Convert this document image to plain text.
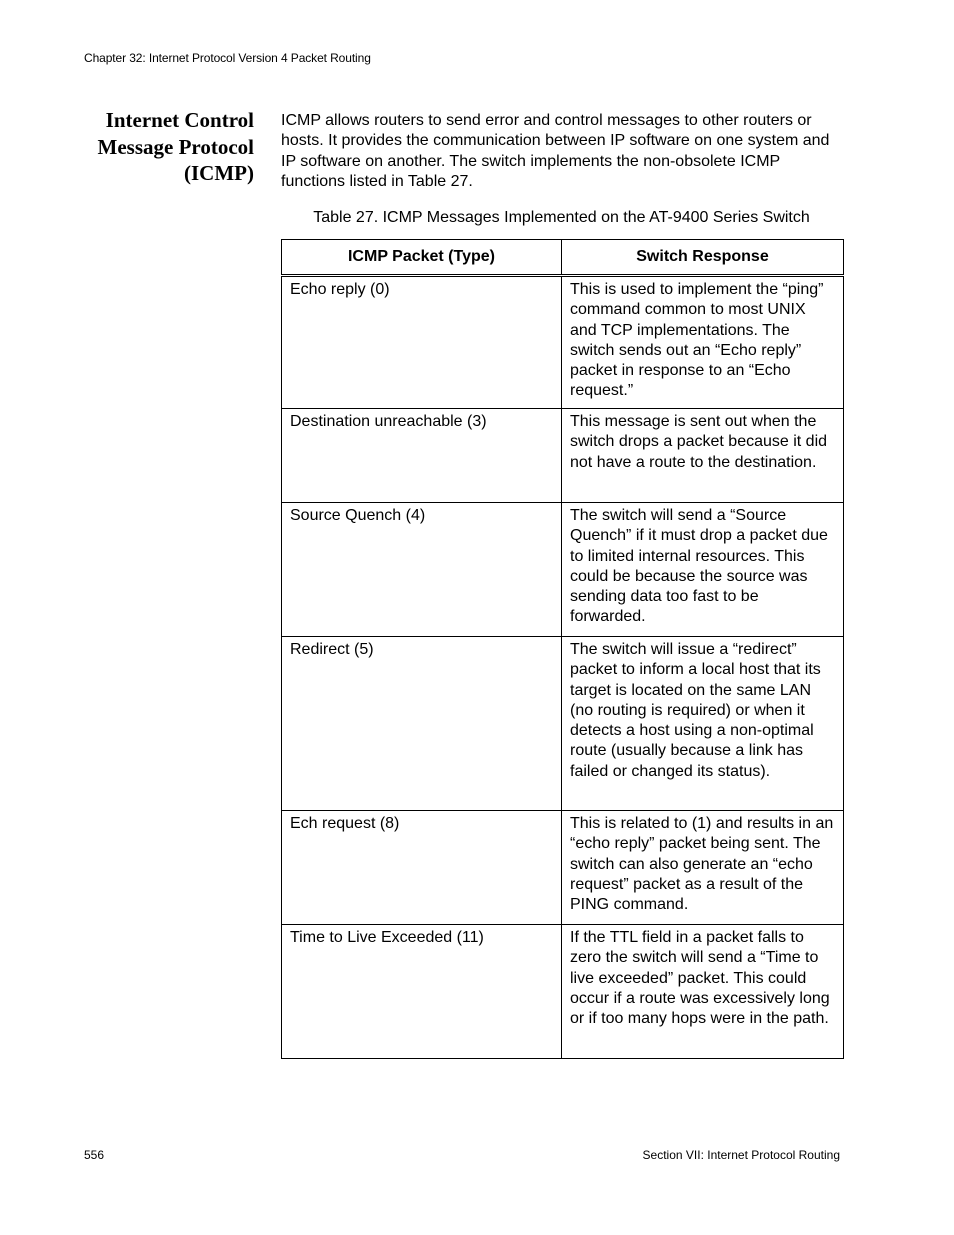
Chapter 32: Internet Protocol Version 4 Packet Routing
Internet Control
Message Protocol
(ICMP)
ICMP allows routers to send error and control messages to other routers or hosts. It provides the communication between IP software on one system and IP software on another. The switch implements the non-obsolete ICMP functions listed in Table 27.
Table 27. ICMP Messages Implemented on the AT-9400 Series Switch
ICMP Packet (Type)	Switch Response
Echo reply (0)	This is used to implement the “ping” command common to most UNIX and TCP implementations. The switch sends out an “Echo reply” packet in response to an “Echo request.”
Destination unreachable (3)	This message is sent out when the switch drops a packet because it did not have a route to the destination.
Source Quench (4)	The switch will send a “Source Quench” if it must drop a packet due to limited internal resources. This could be because the source was sending data too fast to be forwarded.
Redirect (5)	The switch will issue a “redirect” packet to inform a local host that its target is located on the same LAN (no routing is required) or when it detects a host using a non-optimal route (usually because a link has failed or changed its status).
Ech request (8)	This is related to (1) and results in an “echo reply” packet being sent. The switch can also generate an “echo request” packet as a result of the PING command.
Time to Live Exceeded (11)	If the TTL field in a packet falls to zero the switch will send a “Time to live exceeded” packet. This could occur if a route was excessively long or if too many hops were in the path.
556	Section VII: Internet Protocol Routing
